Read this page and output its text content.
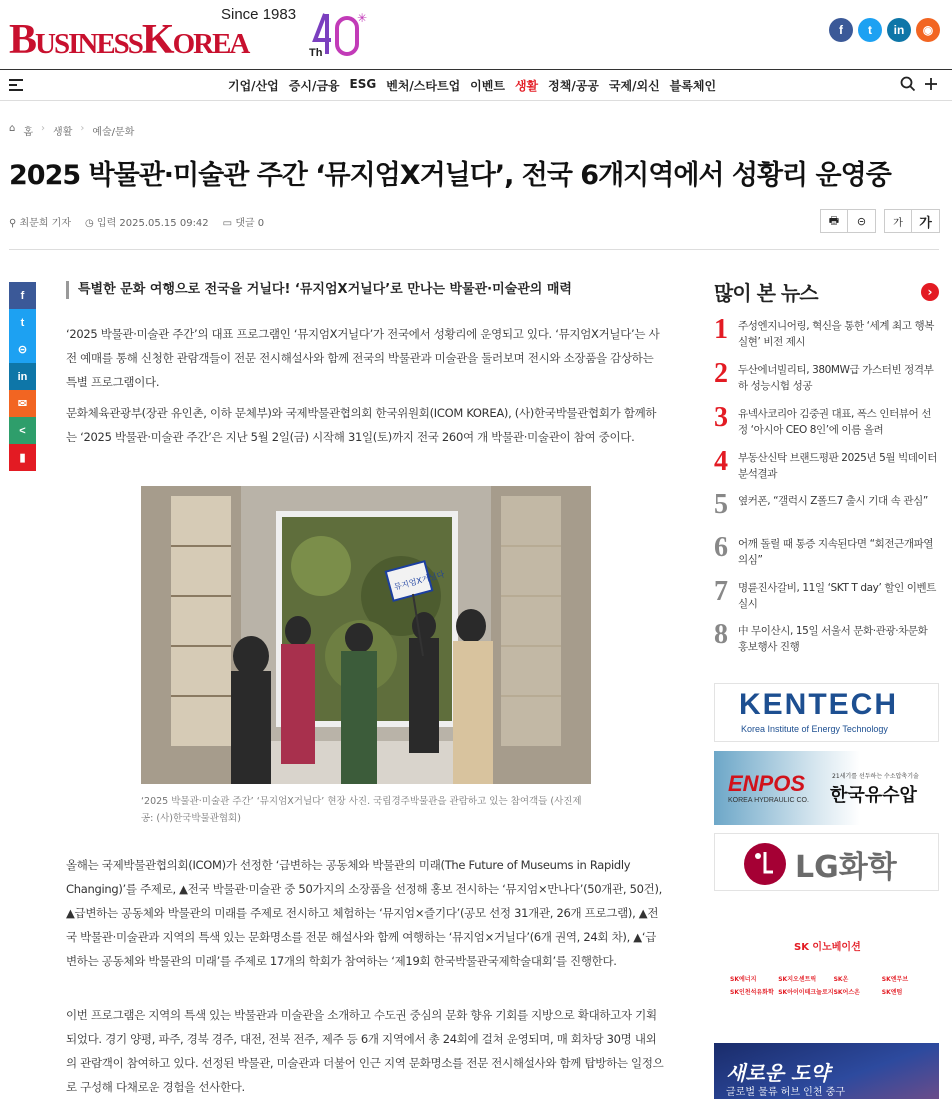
BusinessKorea
Since 1983
Th
✳
f	t	in	◉
기업/산업 증시/금융 ESG 벤처/스타트업 이벤트 생활 정책/공공 국제/외신 블록체인
⌂ 홈 › 생활 › 예술/문화
2025 박물관·미술관 주간 ‘뮤지엄X거닐다’, 전국 6개지역에서 성황리 운영중
⚲ 최문희 기자 ◷ 입력 2025.05.15 09:42 ▭ 댓글 0	🖶	⊝	가	가
f
t
⊝
in
✉
<
▮
특별한 문화 여행으로 전국을 거닐다! ‘뮤지엄X거닐다’로 만나는 박물관·미술관의 매력

‘2025 박물관·미술관 주간’의 대표 프로그램인 ‘뮤지엄X거닐다’가 전국에서 성황리에 운영되고 있다. ‘뮤지엄X거닐다’는 사전 예매를 통해 신청한 관람객들이 전문 전시해설사와 함께 전국의 박물관과 미술관을 둘러보며 전시와 소장품을 감상하는 특별 프로그램이다.

문화체육관광부(장관 유인촌, 이하 문체부)와 국제박물관협의회 한국위원회(ICOM KOREA), (사)한국박물관협회가 함께하는 ‘2025 박물관·미술관 주간’은 지난 5월 2일(금) 시작해 31일(토)까지 전국 260여 개 박물관·미술관이 참여 중이다.

뮤지엄X거닐다
‘2025 박물관·미술관 주간’ ‘뮤지엄X거닐다’ 현장 사진. 국립경주박물관을 관람하고 있는 참여객들 (사진제공: (사)한국박물관협회)

올해는 국제박물관협의회(ICOM)가 선정한 ‘급변하는 공동체와 박물관의 미래(The Future of Museums in Rapidly Changing)’를 주제로, ▲전국 박물관·미술관 중 50가지의 소장품을 선정해 홍보 전시하는 ‘뮤지엄×만나다’(50개관, 50건), ▲급변하는 공동체와 박물관의 미래를 주제로 전시하고 체험하는 ‘뮤지엄×즐기다’(공모 선정 31개관, 26개 프로그램), ▲전국 박물관·미술관과 지역의 특색 있는 문화명소를 전문 해설사와 함께 여행하는 ‘뮤지엄×거닐다’(6개 권역, 24회 차), ▲‘급변하는 공동체와 박물관의 미래’를 주제로 17개의 학회가 참여하는 ‘제19회 한국박물관국제학술대회’를 진행한다.

이번 프로그램은 지역의 특색 있는 박물관과 미술관을 소개하고 수도권 중심의 문화 향유 기회를 지방으로 확대하고자 기획되었다. 경기 양평, 파주, 경북 경주, 대전, 전북 전주, 제주 등 6개 지역에서 총 24회에 걸쳐 운영되며, 매 회차당 30명 내외의 관람객이 참여하고 있다. 선정된 박물관, 미술관과 더불어 인근 지역 문화명소를 전문 전시해설사와 함께 탑방하는 일정으로 구성해 다채로운 경험을 선사한다.

많이 본 뉴스	›
1 주성엔지니어링, 혁신을 통한 ‘세계 최고 행복 실현’ 비전 제시
2 두산에너빌리티, 380MW급 가스터빈 정격부하 성능시험 성공
3 유넥사코리아 김중권 대표, 폭스 인터뷰어 선정 ‘아시아 CEO 8인’에 이름 올려
4 부동산신탁 브랜드평판 2025년 5월 빅데이터 분석결과
5 옆커폰, “갤럭시 Z폴드7 출시 기대 속 관심”
6 어깨 돌릴 때 통증 지속된다면 “회전근개파열 의심”
7 명륜진사갈비, 11일 ‘SKT T day’ 할인 이벤트 실시
8 中 무이산시, 15일 서울서 문화·관광·차문화 홍보행사 진행
KENTECH
Korea Institute of Energy Technology
ENPOS
KOREA HYDRAULIC CO.
21세기를 선두하는 수소압축기술
한국유수압
LG화학
SK 이노베이션
SK에너지	SK지오센트릭	SK온	SK엔무브
SK인천석유화학 SK아이이테크놀로지 SK어스온	SK엔텀
새로운 도약
글로벌 물류 허브 인천 중구
